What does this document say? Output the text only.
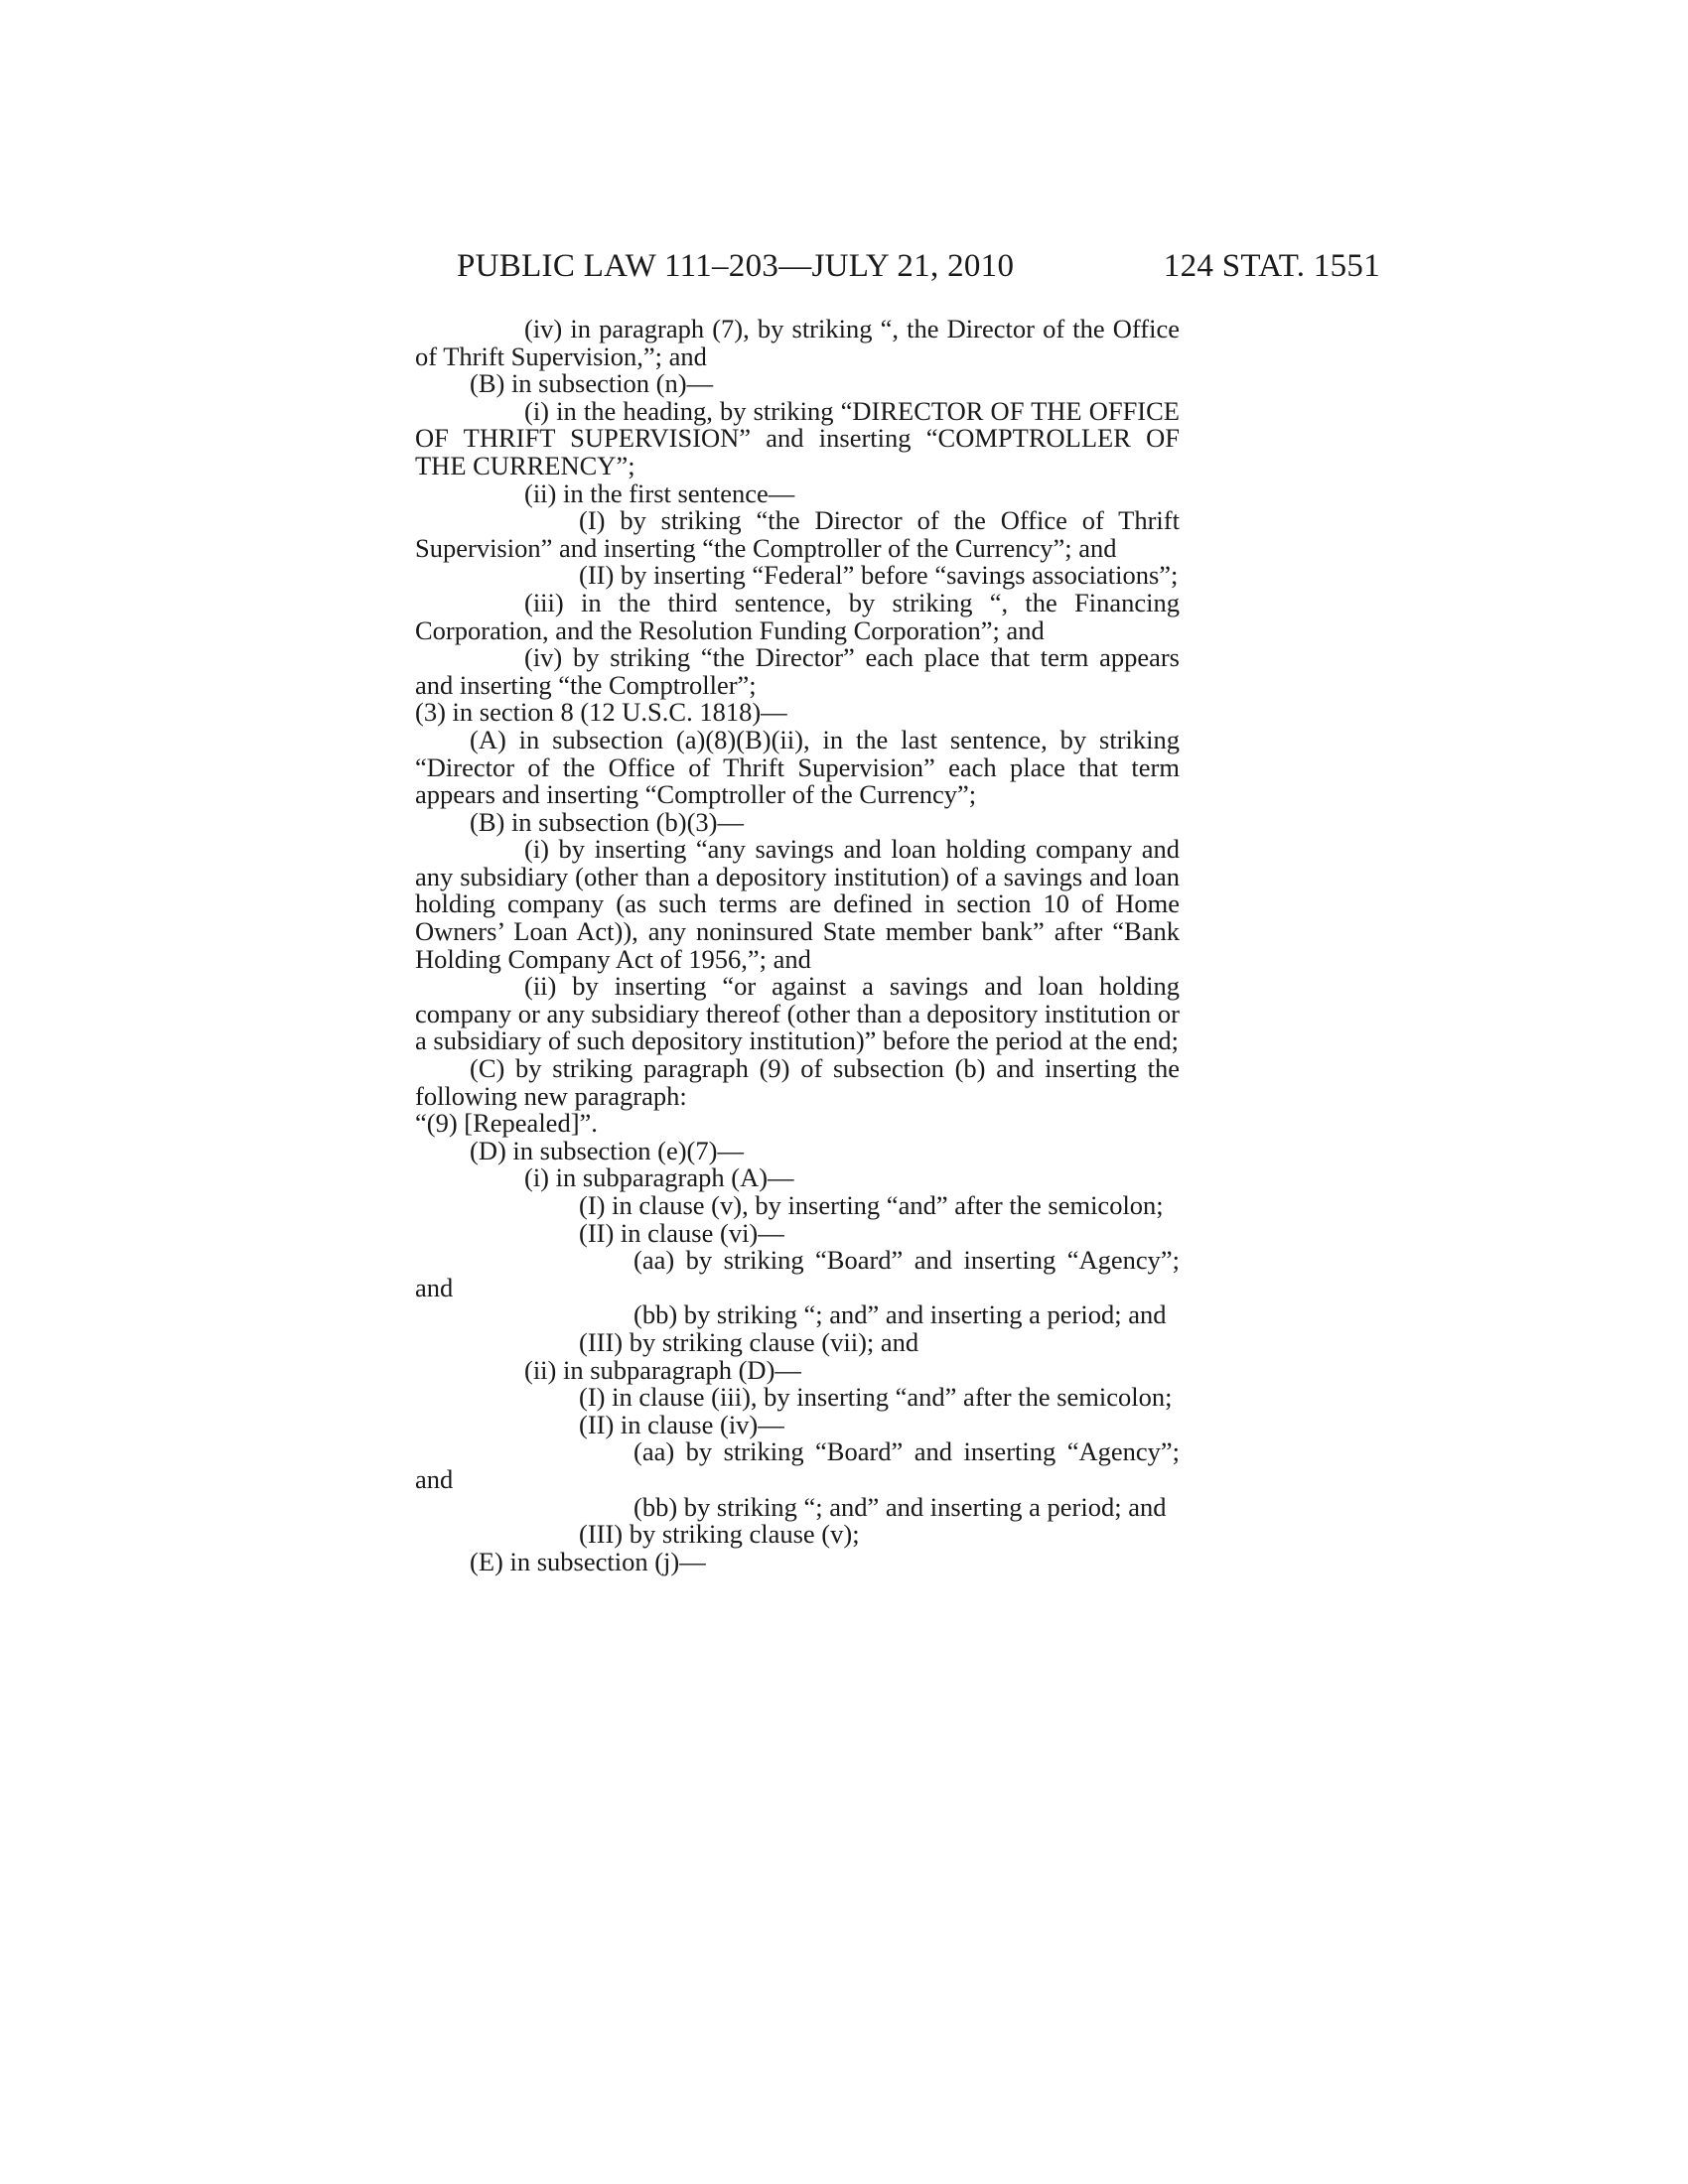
PUBLIC LAW 111–203—JULY 21, 2010	124 STAT. 1551

(iv) in paragraph (7), by striking “, the Director of the Office of Thrift Supervision,”; and

(B) in subsection (n)—

(i) in the heading, by striking “DIRECTOR OF THE OFFICE OF THRIFT SUPERVISION” and inserting “COMPTROLLER OF THE CURRENCY”;

(ii) in the first sentence—

(I) by striking “the Director of the Office of Thrift Supervision” and inserting “the Comptroller of the Currency”; and

(II) by inserting “Federal” before “savings associations”;

(iii) in the third sentence, by striking “, the Financing Corporation, and the Resolution Funding Corporation”; and

(iv) by striking “the Director” each place that term appears and inserting “the Comptroller”;

(3) in section 8 (12 U.S.C. 1818)—

(A) in subsection (a)(8)(B)(ii), in the last sentence, by striking “Director of the Office of Thrift Supervision” each place that term appears and inserting “Comptroller of the Currency”;

(B) in subsection (b)(3)—

(i) by inserting “any savings and loan holding company and any subsidiary (other than a depository institution) of a savings and loan holding company (as such terms are defined in section 10 of Home Owners’ Loan Act)), any noninsured State member bank” after “Bank Holding Company Act of 1956,”; and

(ii) by inserting “or against a savings and loan holding company or any subsidiary thereof (other than a depository institution or a subsidiary of such depository institution)” before the period at the end;

(C) by striking paragraph (9) of subsection (b) and inserting the following new paragraph:

“(9) [Repealed]”.

(D) in subsection (e)(7)—

(i) in subparagraph (A)—

(I) in clause (v), by inserting “and” after the semicolon;

(II) in clause (vi)—

(aa) by striking “Board” and inserting “Agency”; and

(bb) by striking “; and” and inserting a period; and

(III) by striking clause (vii); and

(ii) in subparagraph (D)—

(I) in clause (iii), by inserting “and” after the semicolon;

(II) in clause (iv)—

(aa) by striking “Board” and inserting “Agency”; and

(bb) by striking “; and” and inserting a period; and

(III) by striking clause (v);

(E) in subsection (j)—
